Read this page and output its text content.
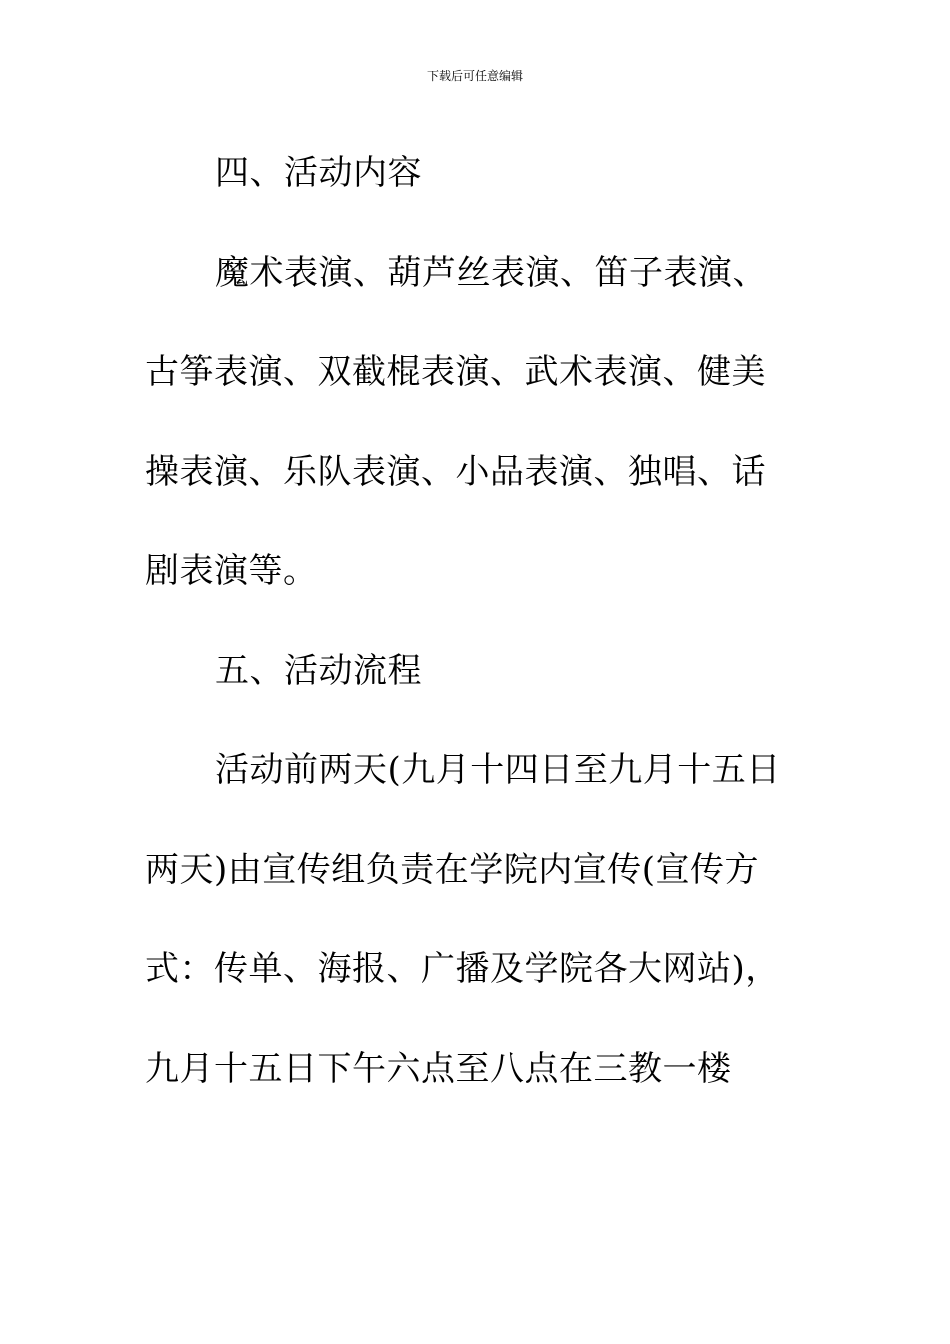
下载后可任意编辑
四、活动内容
魔术表演、葫芦丝表演、笛子表演、
古筝表演、双截棍表演、武术表演、健美
操表演、乐队表演、小品表演、独唱、话
剧表演等。
五、活动流程
活动前两天(九月十四日至九月十五日
两天)由宣传组负责在学院内宣传(宣传方
式：传单、海报、广播及学院各大网站)，
九月十五日下午六点至八点在三教一楼
